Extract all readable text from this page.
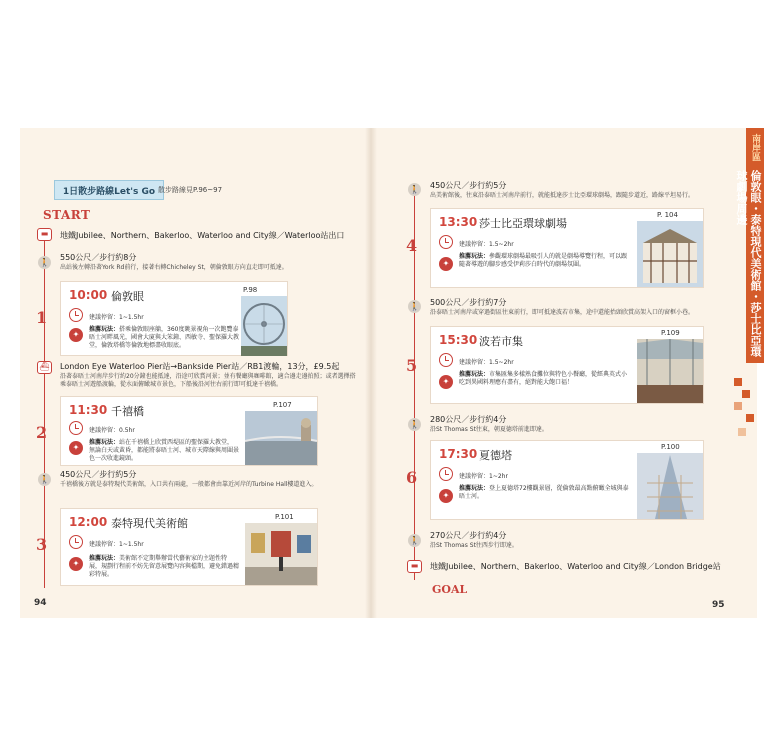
1日散步路線Let's Go 散步路線見P.96~97
START
▬	地鐵Jubilee、Northern、Bakerloo、Waterloo and City線／Waterloo站出口
🚶
550公尺／步行約8分
出站後左轉沿著York Rd前行，接著右轉Chicheley St，朝倫敦眼方向直走即可抵達。
1
10:00 倫敦眼	P.98
建議停留：1~1.5hr
✦
推薦玩法：搭乘倫敦眼座艙，360度眺景視角一次飽覽泰晤士河畔風光，國會大廈與大笨鐘、西敏寺、聖保羅大教堂，倫敦塔橋等倫敦地標盡收眼底。
⛴	London Eye Waterloo Pier站→Bankside Pier站／RB1渡輪，13分，£9.5起
沿著泰晤士河南岸步行約20分鐘也能抵達，沿途可欣賞河景；並有餐廳與咖啡館，適合邊走邊拍照；或者選擇搭乘泰晤士河遊船渡輪，從水面俯瞰城市景色，下船後沿河往右前行即可抵達千禧橋。
2
11:30 千禧橋	P.107
建議停留：0.5hr
✦
推薦玩法：站在千禧橋上欣賞西堤區的聖保羅大教堂，無論白天或黃昏，都能將泰晤士河、城市天際線與周圍景色一次收進鏡頭。
🚶
450公尺／步行約5分
千禧橋後方就是泰特現代美術館，入口共有兩處，一般都會由靠近河岸的Turbine Hall樓道進入。
3
12:00 泰特現代美術館	P.101
建議停留：1~1.5hr
✦
推薦玩法：美術館不定期舉辦當代藝術家的主題性特展，規劃行程前不妨先留意展覽內容與檔期，避免錯過精彩特展。
94
🚶 450公尺／步行約5分
出美術館後，往東沿泰晤士河南岸前行，就能抵達莎士比亞環球劇場，跟隨步道近，路線平坦易行。
4
13:30 莎士比亞環球劇場
P. 104
建議停留：1.5~2hr
✦
推薦玩法：參觀環球劇場最吸引人的就是劇場導覽行程，可以跟隨著導遊的腳步感受伊莉莎白時代的劇場氛圍。
🚶 500公尺／步行約7分
沿泰晤士河南岸或穿過街區往東前行，即可抵達波若市集，途中還能抬頭欣賞高架入口的窗框小巷。
5
15:30 波若市集
P.109
建議停留：1.5~2hr
✦
推薦玩法：市集匯集多樣熟食攤位與特色小餐廳，從經典英式小吃到異國料理應有盡有，絕對能大飽口福！
🚶
280公尺／步行約4分
沿St Thomas St往東，朝夏德塔前進即達。
6
17:30 夏德塔
P.100
建議停留：1~2hr
✦
推薦玩法：登上夏德塔72樓觀景層，從倫敦最高點俯瞰全城與泰晤士河。
🚶
270公尺／步行約4分
沿St Thomas St往西步行即達。
▬	地鐵Jubilee、Northern、Bakerloo、Waterloo and City線／London Bridge站
GOAL
95
南岸區
倫敦眼・泰特現代美術館・莎士比亞環球劇場周邊
